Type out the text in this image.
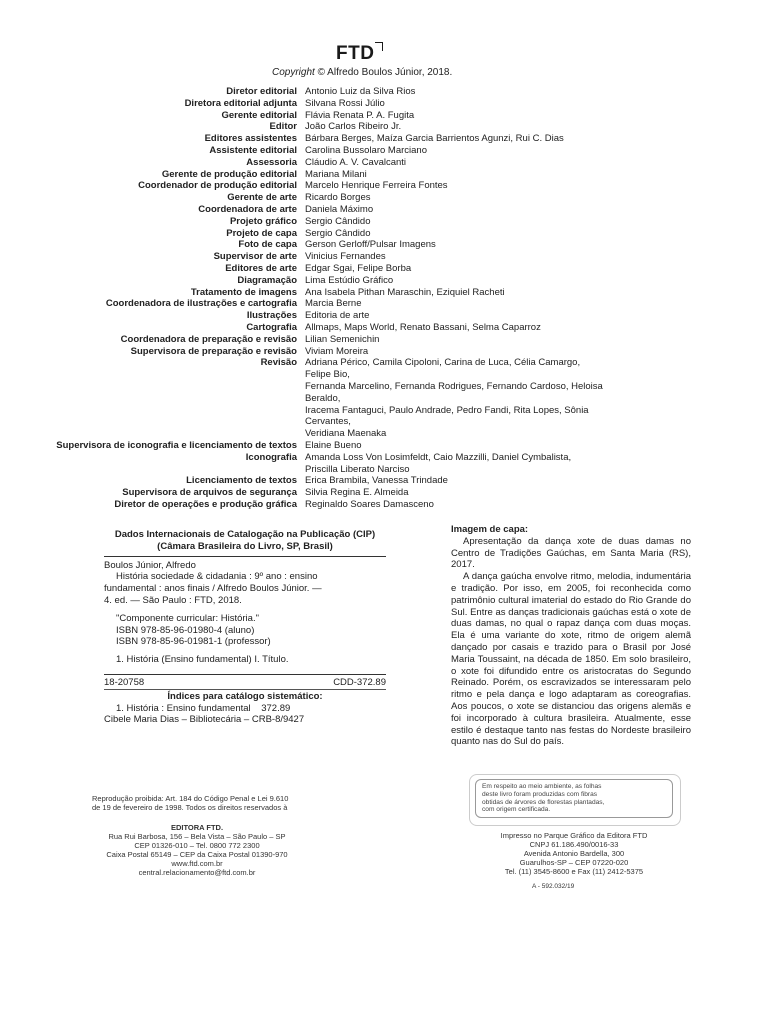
FTD
Copyright © Alfredo Boulos Júnior, 2018.
Diretor editorial Antonio Luiz da Silva Rios
Diretora editorial adjunta Silvana Rossi Júlio
Gerente editorial Flávia Renata P. A. Fugita
Editor João Carlos Ribeiro Jr.
Editores assistentes Bárbara Berges, Maíza Garcia Barrientos Agunzi, Rui C. Dias
Assistente editorial Carolina Bussolaro Marciano
Assessoria Cláudio A. V. Cavalcanti
Gerente de produção editorial Mariana Milani
Coordenador de produção editorial Marcelo Henrique Ferreira Fontes
Gerente de arte Ricardo Borges
Coordenadora de arte Daniela Máximo
Projeto gráfico Sergio Cândido
Projeto de capa Sergio Cândido
Foto de capa Gerson Gerloff/Pulsar Imagens
Supervisor de arte Vinicius Fernandes
Editores de arte Edgar Sgai, Felipe Borba
Diagramação Lima Estúdio Gráfico
Tratamento de imagens Ana Isabela Pithan Maraschin, Eziquiel Racheti
Coordenadora de ilustrações e cartografia Marcia Berne
Ilustrações Editoria de arte
Cartografia Allmaps, Maps World, Renato Bassani, Selma Caparroz
Coordenadora de preparação e revisão Lilian Semenichin
Supervisora de preparação e revisão Viviam Moreira
Revisão Adriana Périco, Camila Cipoloni, Carina de Luca, Célia Camargo, Felipe Bio,
Fernanda Marcelino, Fernanda Rodrigues, Fernando Cardoso, Heloisa Beraldo,
Iracema Fantaguci, Paulo Andrade, Pedro Fandi, Rita Lopes, Sônia Cervantes,
Veridiana Maenaka
Supervisora de iconografia e licenciamento de textos Elaine Bueno
Iconografia Amanda Loss Von Losimfeldt, Caio Mazzilli, Daniel Cymbalista,
Priscilla Liberato Narciso
Licenciamento de textos Erica Brambila, Vanessa Trindade
Supervisora de arquivos de segurança Silvia Regina E. Almeida
Diretor de operações e produção gráfica Reginaldo Soares Damasceno
Dados Internacionais de Catalogação na Publicação (CIP)
(Câmara Brasileira do Livro, SP, Brasil)

Boulos Júnior, Alfredo

História sociedade & cidadania : 9º ano : ensino

fundamental : anos finais / Alfredo Boulos Júnior. —

4. ed. — São Paulo : FTD, 2018.

"Componente curricular: História."

ISBN 978-85-96-01980-4 (aluno)

ISBN 978-85-96-01981-1 (professor)

1. História (Ensino fundamental) I. Título.

18-20758	CDD-372.89
Índices para catálogo sistemático:

1. História : Ensino fundamental 372.89

Cibele Maria Dias – Bibliotecária – CRB-8/9427

Imagem de capa:

Apresentação da dança xote de duas damas no Centro de Tradições Gaúchas, em Santa Maria (RS), 2017.

A dança gaúcha envolve ritmo, melodia, indumentária e tradição. Por isso, em 2005, foi reconhecida como patrimônio cultural imaterial do estado do Rio Grande do Sul. Entre as danças tradicionais gaúchas está o xote de duas damas, no qual o rapaz dança com duas moças. Ela é uma variante do xote, ritmo de origem alemã dançado por casais e trazido para o Brasil por José Maria Toussaint, na década de 1850. Em solo brasileiro, o xote foi difundido entre os aristocratas do Segundo Reinado. Porém, os escravizados se interessaram pelo ritmo e pela dança e logo adaptaram as coreografias. Aos poucos, o xote se distanciou das origens alemãs e foi incorporado à cultura brasileira. Atualmente, esse estilo é destaque tanto nas festas do Nordeste brasileiro quanto nas do Sul do país.

Em respeito ao meio ambiente, as folhas
deste livro foram produzidas com fibras
obtidas de árvores de florestas plantadas,
com origem certificada.
Reprodução proibida: Art. 184 do Código Penal e Lei 9.610
de 19 de fevereiro de 1998. Todos os direitos reservados à
EDITORA FTD.
Rua Rui Barbosa, 156 – Bela Vista – São Paulo – SP
CEP 01326-010 – Tel. 0800 772 2300
Caixa Postal 65149 – CEP da Caixa Postal 01390-970
www.ftd.com.br
central.relacionamento@ftd.com.br
Impresso no Parque Gráfico da Editora FTD
CNPJ 61.186.490/0016-33
Avenida Antonio Bardella, 300
Guarulhos-SP – CEP 07220-020
Tel. (11) 3545-8600 e Fax (11) 2412-5375
A - 592.032/19
